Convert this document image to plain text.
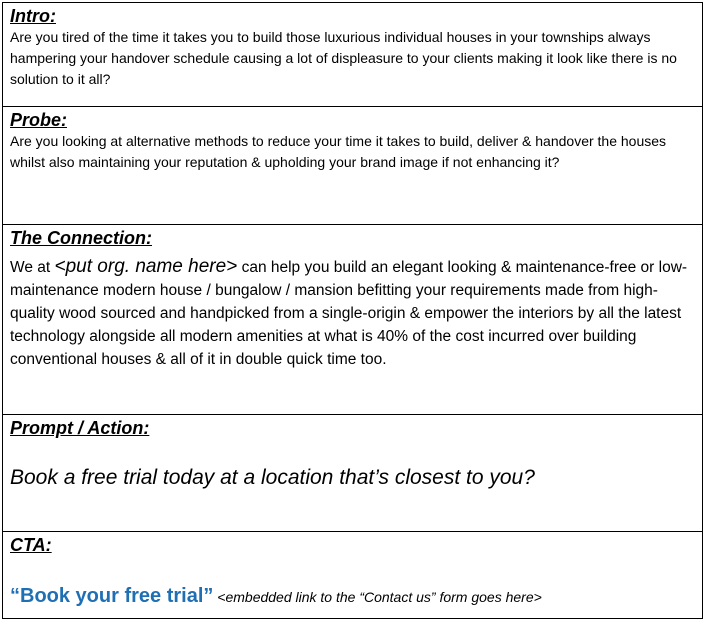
Intro:

Are you tired of the time it takes you to build those luxurious individual houses in your townships always hampering your handover schedule causing a lot of displeasure to your clients making it look like there is no solution to it all?

Probe:

Are you looking at alternative methods to reduce your time it takes to build, deliver & handover the houses whilst also maintaining your reputation & upholding your brand image if not enhancing it?

The Connection:

We at <put org. name here> can help you build an elegant looking & maintenance-free or low-maintenance modern house / bungalow / mansion befitting your requirements made from high-quality wood sourced and handpicked from a single-origin & empower the interiors by all the latest technology alongside all modern amenities at what is 40% of the cost incurred over building conventional houses & all of it in double quick time too.

Prompt / Action:

Book a free trial today at a location that’s closest to you?

CTA:

“Book your free trial” <embedded link to the “Contact us” form goes here>
